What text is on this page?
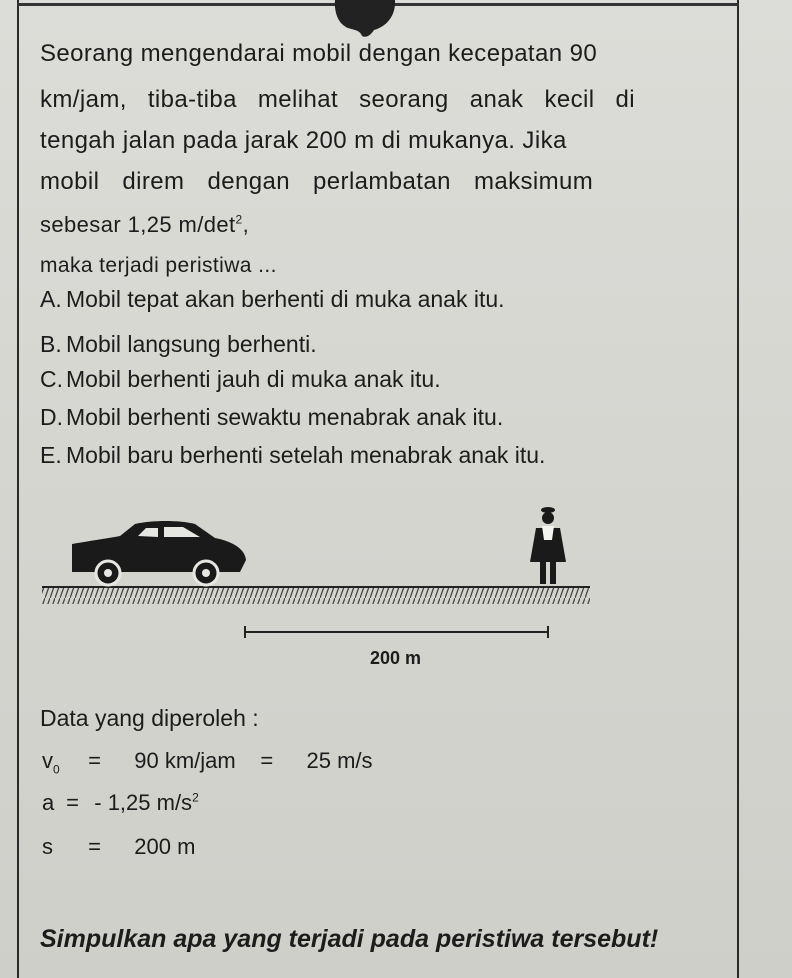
Seorang mengendarai mobil dengan kecepatan 90
km/jam, tiba-tiba melihat seorang anak kecil di
tengah jalan pada jarak 200 m di mukanya. Jika
mobil direm dengan perlambatan maksimum
sebesar 1,25 $m/\det^2$,
maka terjadi peristiwa ...
A. Mobil tepat akan berhenti di muka anak itu.
B. Mobil langsung berhenti.
C. Mobil berhenti jauh di muka anak itu.
D. Mobil berhenti sewaktu menabrak anak itu.
E. Mobil baru berhenti setelah menabrak anak itu.
200 m
Data yang diperoleh :
$v_0 = 90$ km/jam = 25 m/s
a = - 1,25 $m/s^2$
s = 200 m
Simpulkan apa yang terjadi pada peristiwa tersebut!
